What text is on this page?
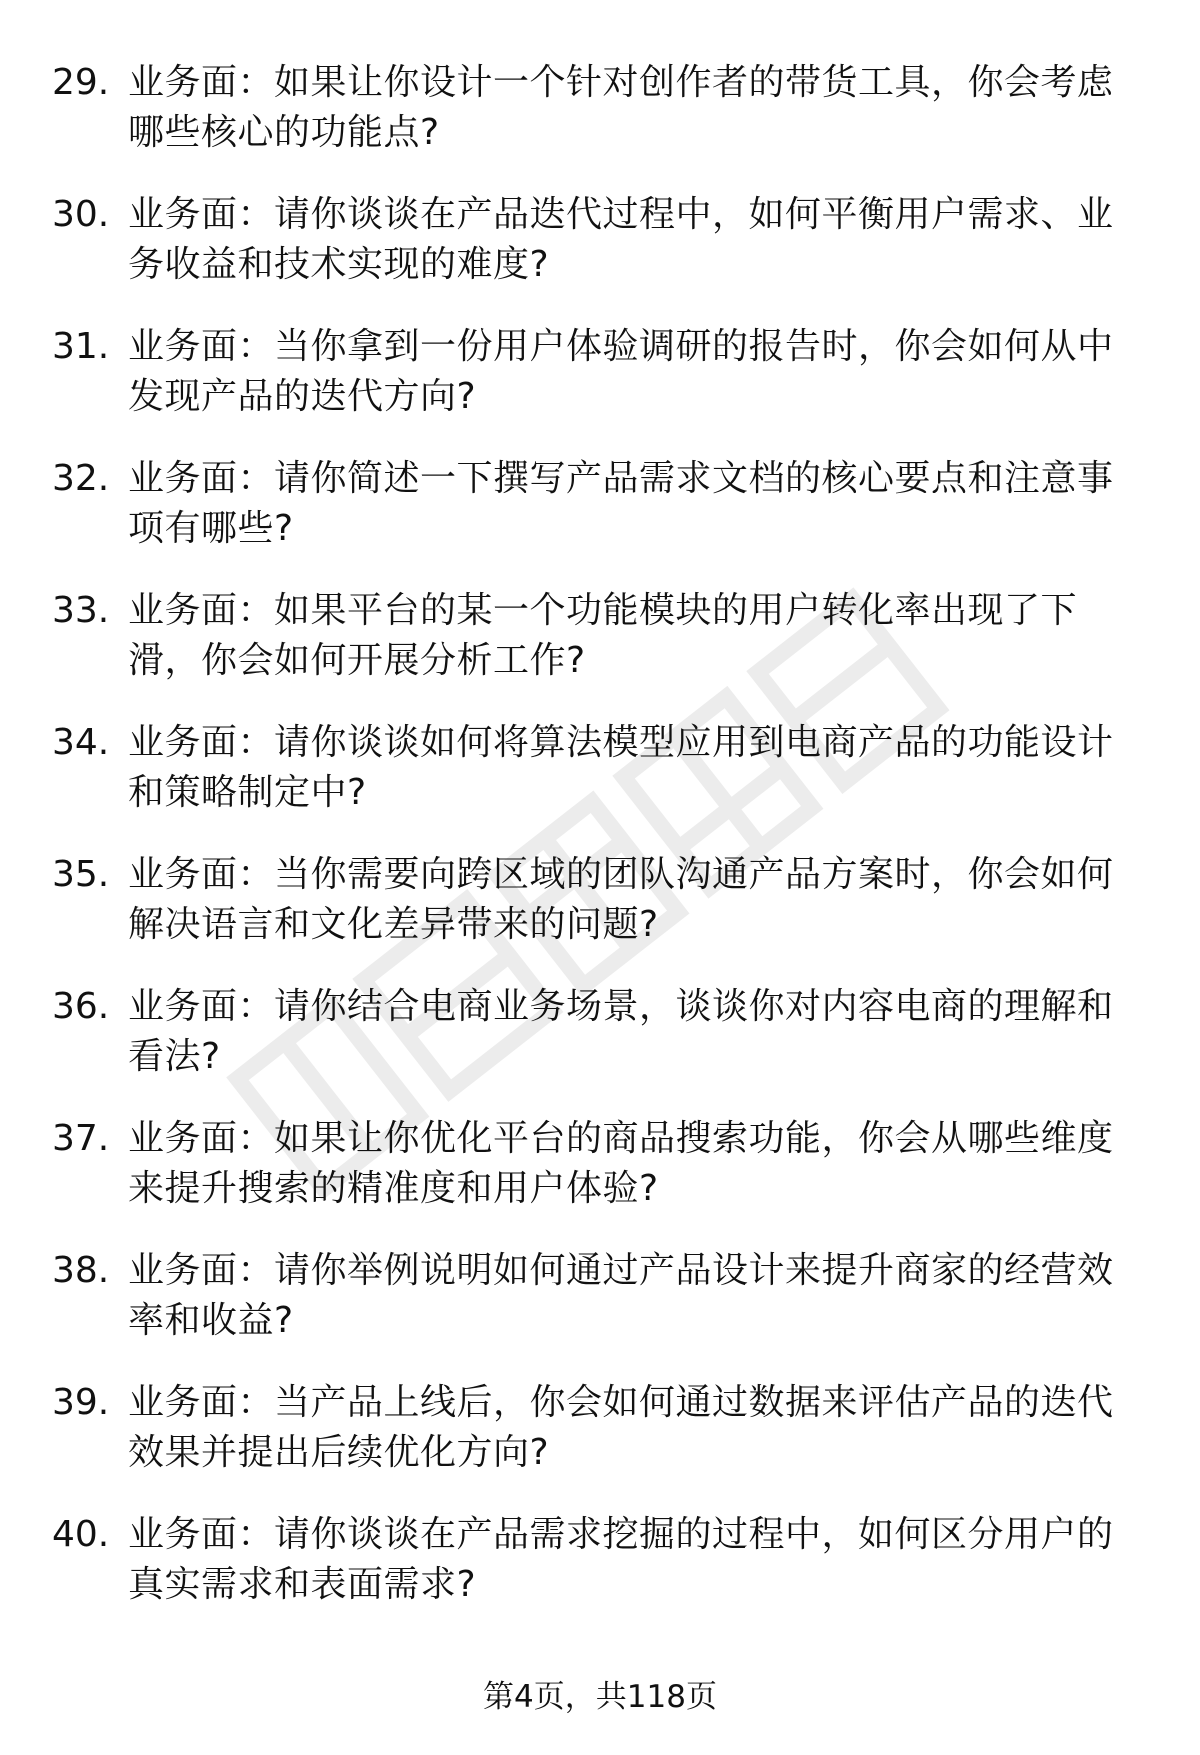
29. 业务面：如果让你设计一个针对创作者的带货工具，你会考虑哪些核心的功能点?
30. 业务面：请你谈谈在产品迭代过程中，如何平衡用户需求、业务收益和技术实现的难度?
31. 业务面：当你拿到一份用户体验调研的报告时，你会如何从中发现产品的迭代方向?
32. 业务面：请你简述一下撰写产品需求文档的核心要点和注意事项有哪些?
33. 业务面：如果平台的某一个功能模块的用户转化率出现了下滑，你会如何开展分析工作?
34. 业务面：请你谈谈如何将算法模型应用到电商产品的功能设计和策略制定中?
35. 业务面：当你需要向跨区域的团队沟通产品方案时，你会如何解决语言和文化差异带来的问题?
36. 业务面：请你结合电商业务场景，谈谈你对内容电商的理解和看法?
37. 业务面：如果让你优化平台的商品搜索功能，你会从哪些维度来提升搜索的精准度和用户体验?
38. 业务面：请你举例说明如何通过产品设计来提升商家的经营效率和收益?
39. 业务面：当产品上线后，你会如何通过数据来评估产品的迭代效果并提出后续优化方向?
40. 业务面：请你谈谈在产品需求挖掘的过程中，如何区分用户的真实需求和表面需求?
第4页，共118页
